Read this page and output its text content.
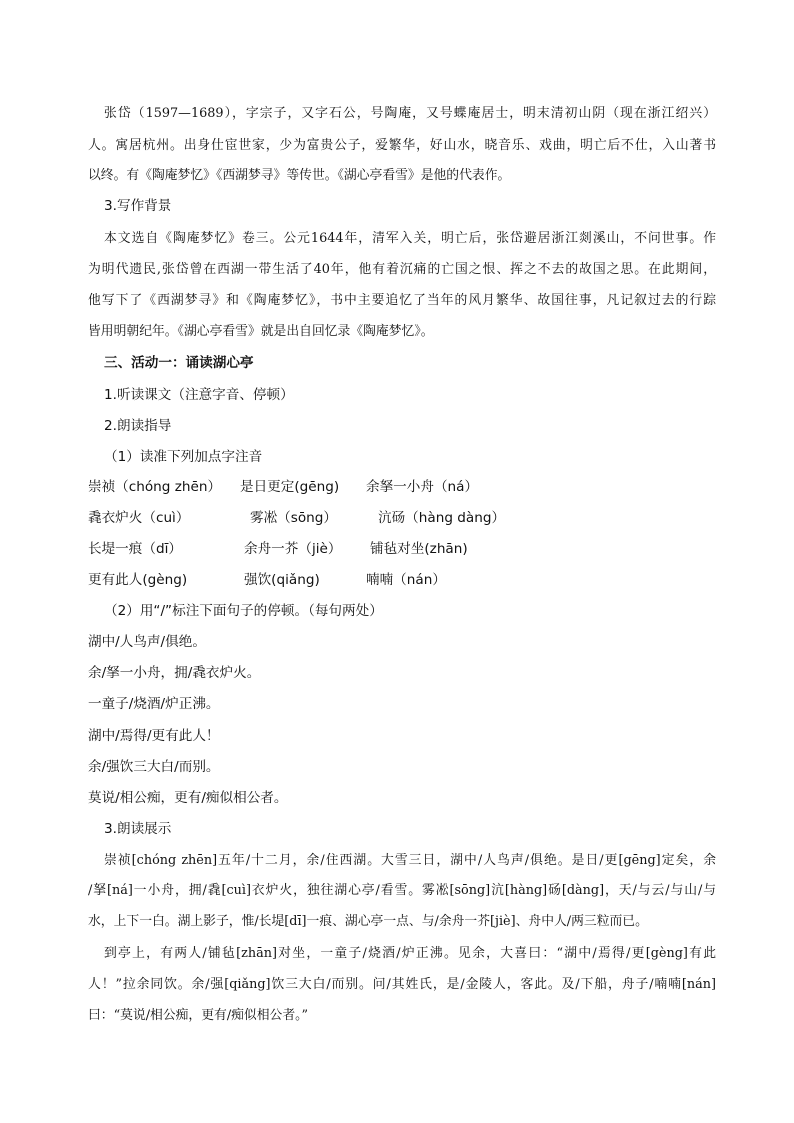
张岱（1597—1689），字宗子，又字石公，号陶庵，又号蝶庵居士，明末清初山阴（现在浙江绍兴）
人。寓居杭州。出身仕宦世家，少为富贵公子，爱繁华，好山水，晓音乐、戏曲，明亡后不仕，入山著书
以终。有《陶庵梦忆》《西湖梦寻》等传世。《湖心亭看雪》是他的代表作。
3.写作背景
本文选自《陶庵梦忆》卷三。公元1644年，清军入关，明亡后，张岱避居浙江剡溪山，不问世事。作
为明代遗民,张岱曾在西湖一带生活了40年，他有着沉痛的亡国之恨、挥之不去的故国之思。在此期间，
他写下了《西湖梦寻》和《陶庵梦忆》，书中主要追忆了当年的风月繁华、故国往事，凡记叙过去的行踪
皆用明朝纪年。《湖心亭看雪》就是出自回忆录《陶庵梦忆》。
三、活动一：诵读湖心亭
1.听读课文（注意字音、停顿）
2.朗读指导
（1）读准下列加点字注音
崇祯（chóng zhēn） 是日更定(gēng) 余拏一小舟（ná）
毳衣炉火（cuì）	雾凇（sōng）	沆砀（hàng dàng）
长堤一痕（dī）	余舟一芥（jiè） 铺毡对坐(zhān)
更有此人(gèng)	强饮(qiǎng)	喃喃（nán）
（2）用“/”标注下面句子的停顿。（每句两处）
湖中/人鸟声/俱绝。
余/拏一小舟，拥/毳衣炉火。
一童子/烧酒/炉正沸。
湖中/焉得/更有此人！
余/强饮三大白/而别。
莫说/相公痴，更有/痴似相公者。
3.朗读展示
崇祯[chóng zhēn]五年/十二月，余/住西湖。大雪三日，湖中/人鸟声/俱绝。是日/更[gēng]定矣，余
/拏[ná]一小舟，拥/毳[cuì]衣炉火，独往湖心亭/看雪。雾凇[sōng]沆[hàng]砀[dàng]，天/与云/与山/与
水，上下一白。湖上影子，惟/长堤[dī]一痕、湖心亭一点、与/余舟一芥[jiè]、舟中人/两三粒而已。
到亭上，有两人/铺毡[zhān]对坐，一童子/烧酒/炉正沸。见余，大喜曰：“湖中/焉得/更[gèng]有此
人！”拉余同饮。余/强[qiǎng]饮三大白/而别。问/其姓氏，是/金陵人，客此。及/下船，舟子/喃喃[nán]
曰：“莫说/相公痴，更有/痴似相公者。”
